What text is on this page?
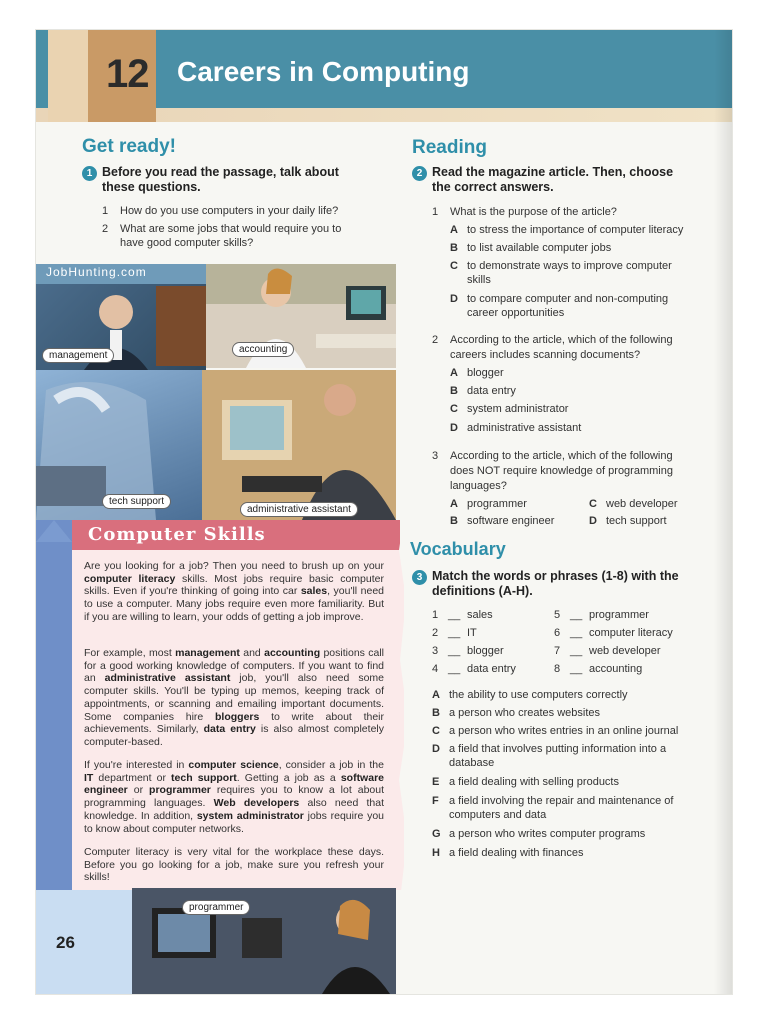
12 Careers in Computing
Get ready!
1 Before you read the passage, talk about
these questions.
1 How do you use computers in your daily life?
2 What are some jobs that would require you to
have good computer skills?
JobHunting.com
management
accounting
tech support
administrative assistant
Computer Skills
Are you looking for a job? Then you need to brush up on your computer literacy skills. Most jobs require basic computer skills. Even if you're thinking of going into car sales, you'll need to use a computer. Many jobs require even more familiarity. But if you are willing to learn, your odds of getting a job improve.
For example, most management and accounting positions call for a good working knowledge of computers. If you want to find an administrative assistant job, you'll also need some computer skills. You'll be typing up memos, keeping track of appointments, or scanning and emailing important documents. Some companies hire bloggers to write about their achievements. Similarly, data entry is also almost completely computer-based.
If you're interested in computer science, consider a job in the IT department or tech support. Getting a job as a software engineer or programmer requires you to know a lot about programming languages. Web developers also need that knowledge. In addition, system administrator jobs require you to know about computer networks.
Computer literacy is very vital for the workplace these days. Before you go looking for a job, make sure you refresh your skills!
26
programmer
Reading
2 Read the magazine article. Then, choose
the correct answers.
1 What is the purpose of the article?
A to stress the importance of computer literacy
B to list available computer jobs
C to demonstrate ways to improve computer
skills
D to compare computer and non-computing
career opportunities
2 According to the article, which of the following
careers includes scanning documents?
A blogger
B data entry
C system administrator
D administrative assistant
3 According to the article, which of the following
does NOT require knowledge of programming
languages?
A programmer
B software engineer
C web developer
D tech support
Vocabulary
3 Match the words or phrases (1-8) with the
definitions (A-H).
1 __ sales
2 __ IT
3 __ blogger
4 __ data entry
5 __ programmer
6 __ computer literacy
7 __ web developer
8 __ accounting
A the ability to use computers correctly
B a person who creates websites
C a person who writes entries in an online journal
D a field that involves putting information into a
database
E a field dealing with selling products
F a field involving the repair and maintenance of
computers and data
G a person who writes computer programs
H a field dealing with finances
